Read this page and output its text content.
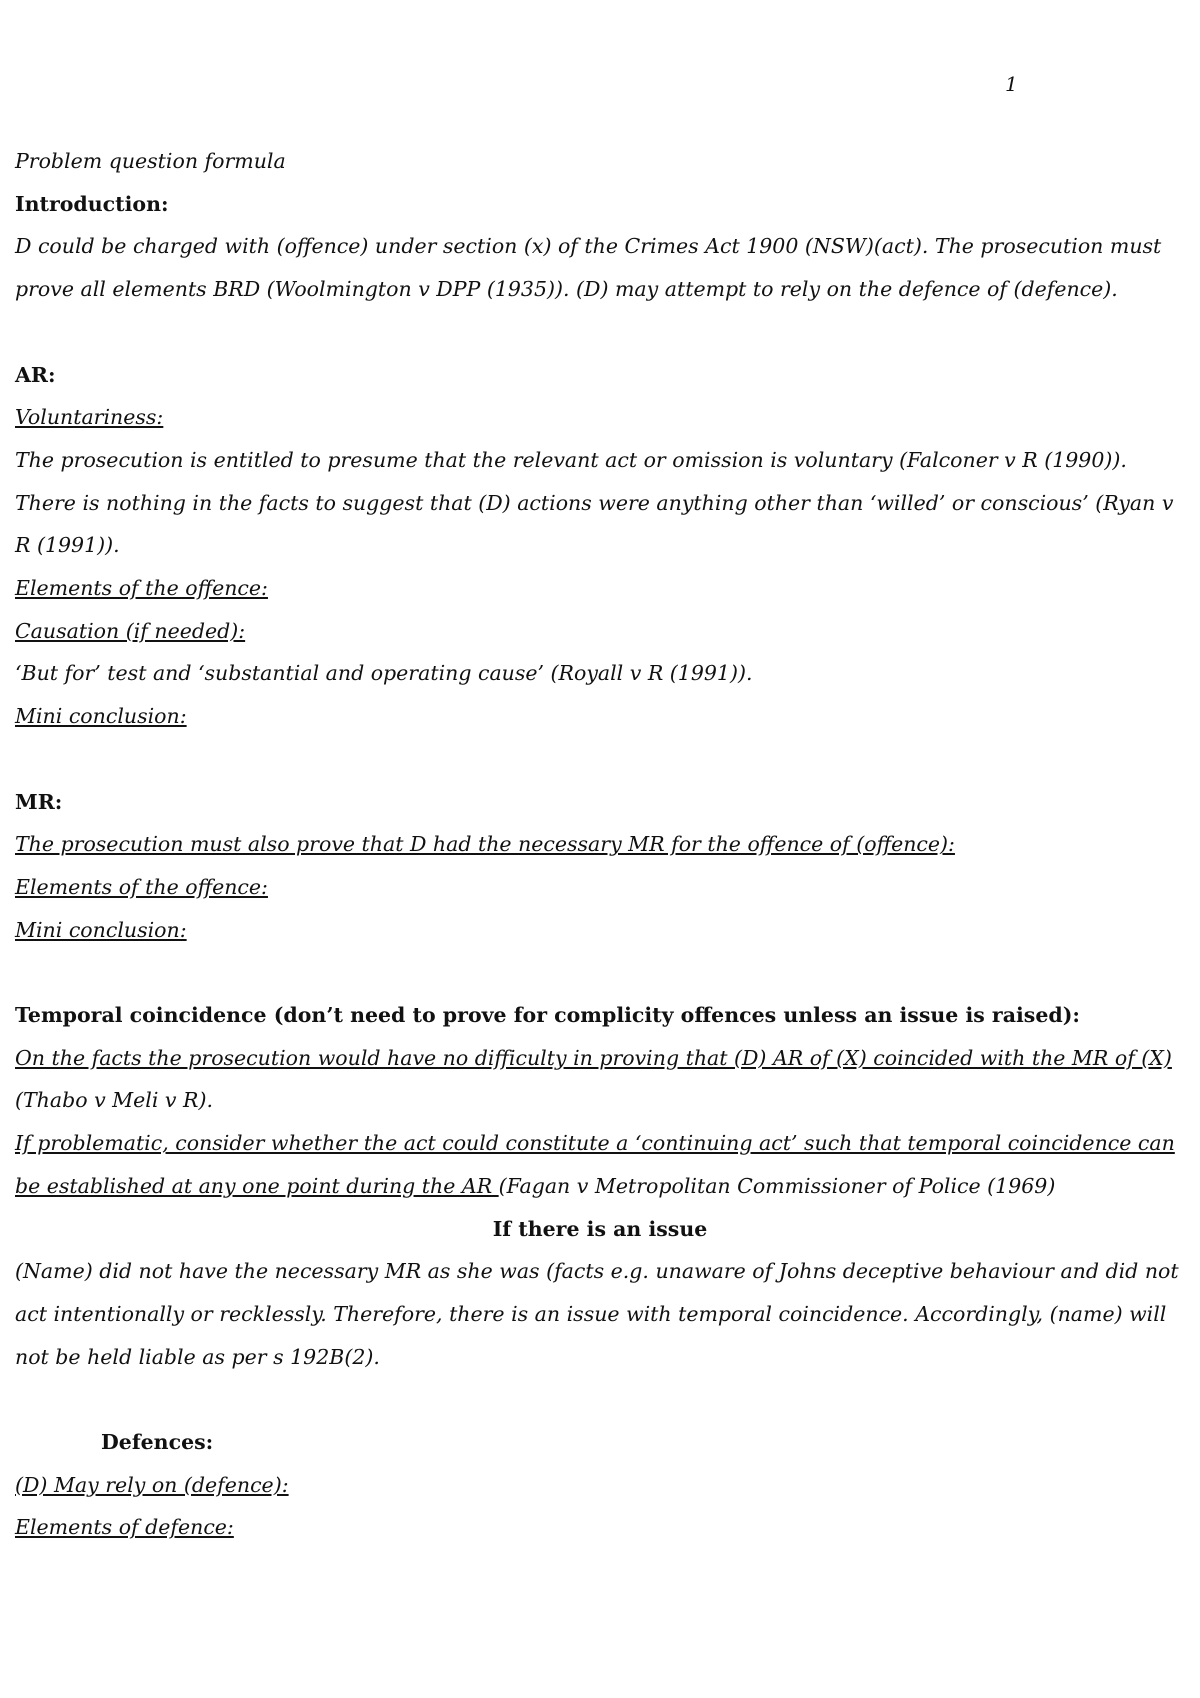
1
Problem question formula
Introduction:
D could be charged with (offence) under section (x) of the Crimes Act 1900 (NSW)(act). The prosecution must prove all elements BRD (Woolmington v DPP (1935)). (D) may attempt to rely on the defence of (defence).
AR:
Voluntariness:
The prosecution is entitled to presume that the relevant act or omission is voluntary (Falconer v R (1990)). There is nothing in the facts to suggest that (D) actions were anything other than ‘willed’ or conscious’ (Ryan v R (1991)).
Elements of the offence:
Causation (if needed):
‘But for’ test and ‘substantial and operating cause’ (Royall v R (1991)).
Mini conclusion:
MR:
The prosecution must also prove that D had the necessary MR for the offence of (offence):
Elements of the offence:
Mini conclusion:
Temporal coincidence (don’t need to prove for complicity offences unless an issue is raised):
On the facts the prosecution would have no difficulty in proving that (D) AR of (X) coincided with the MR of (X) (Thabo v Meli v R).
If problematic, consider whether the act could constitute a ‘continuing act’ such that temporal coincidence can be established at any one point during the AR (Fagan v Metropolitan Commissioner of Police (1969)
If there is an issue
(Name) did not have the necessary MR as she was (facts e.g. unaware of Johns deceptive behaviour and did not act intentionally or recklessly. Therefore, there is an issue with temporal coincidence. Accordingly, (name) will not be held liable as per s 192B(2).
Defences:
(D) May rely on (defence):
Elements of defence:
